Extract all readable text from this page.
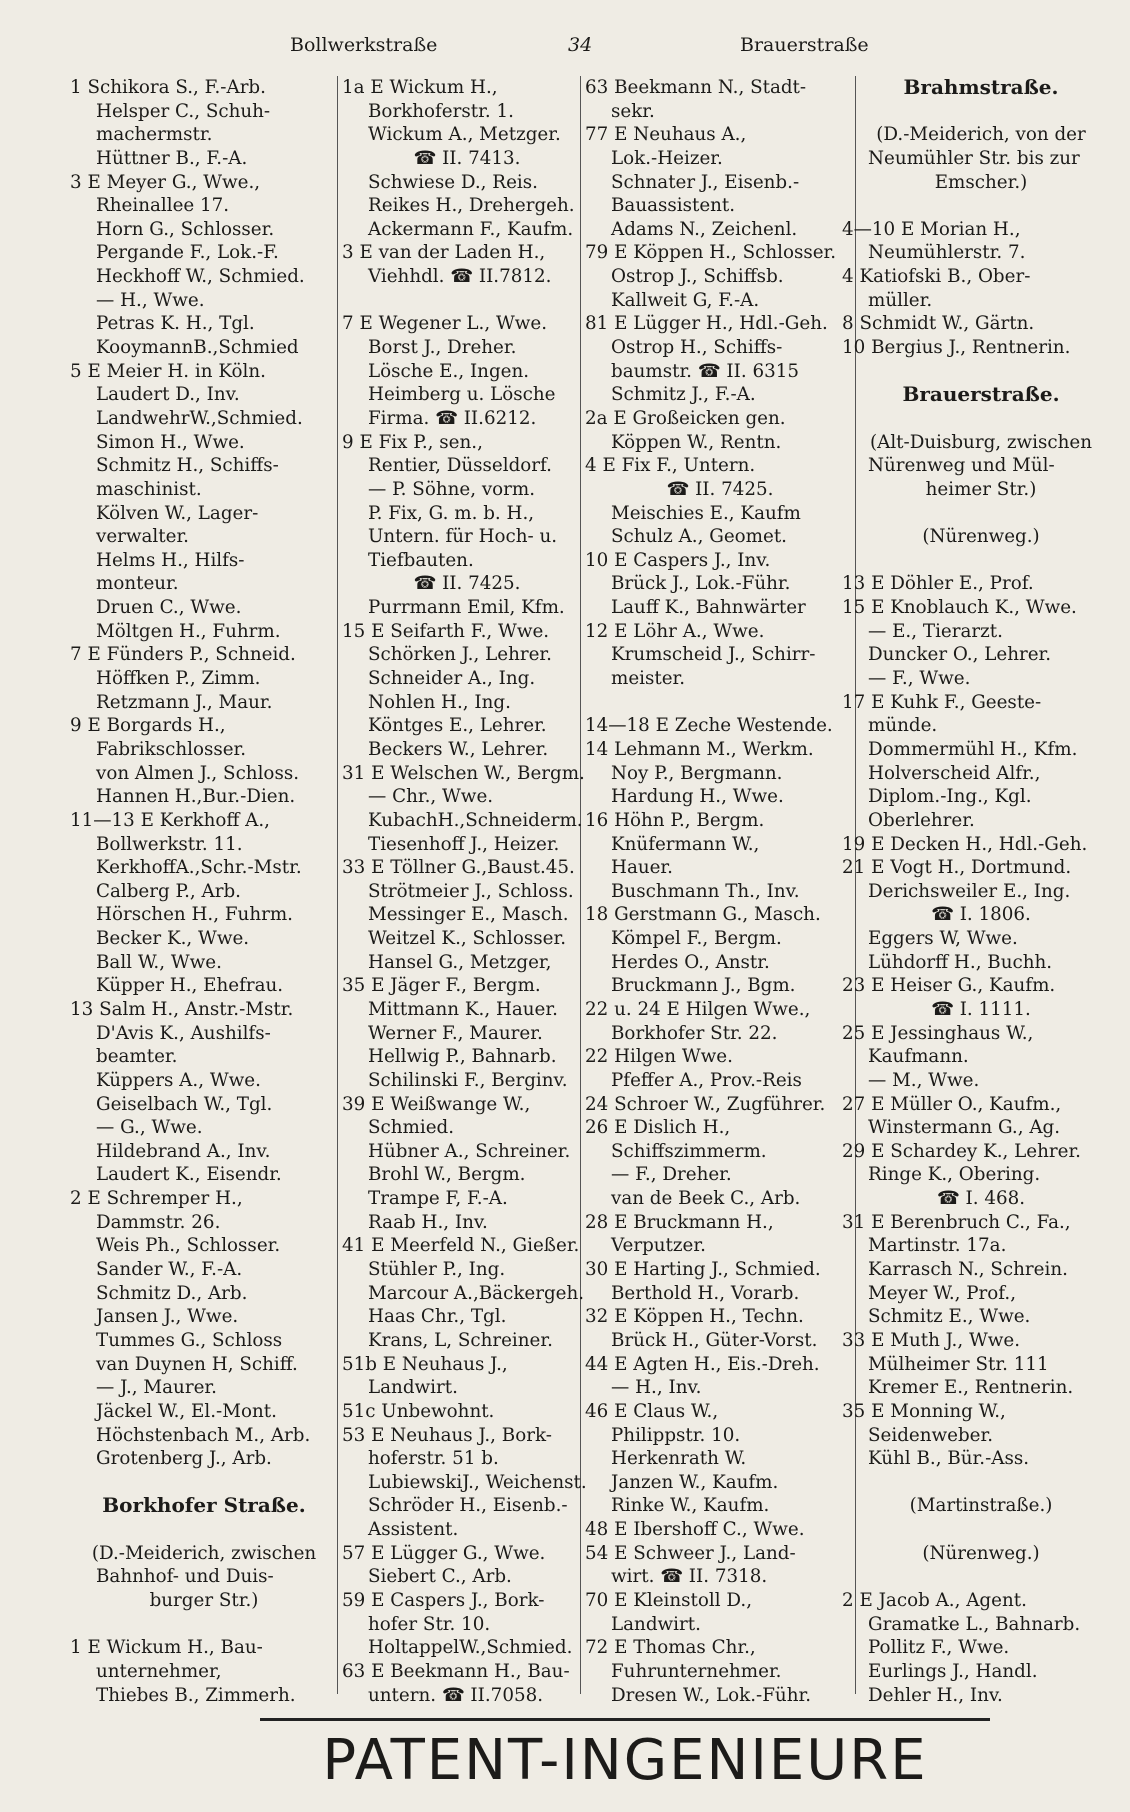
Bollwerkstraße	34	Brauerstraße
1 Schikora S., F.-Arb.
Helsper C., Schuh-
machermstr.
Hüttner B., F.-A.
3 E Meyer G., Wwe.,
Rheinallee 17.
Horn G., Schlosser.
Pergande F., Lok.-F.
Heckhoff W., Schmied.
— H., Wwe.
Petras K. H., Tgl.
KooymannB.,Schmied
5 E Meier H. in Köln.
Laudert D., Inv.
LandwehrW.,Schmied.
Simon H., Wwe.
Schmitz H., Schiffs-
maschinist.
Kölven W., Lager-
verwalter.
Helms H., Hilfs-
monteur.
Druen C., Wwe.
Möltgen H., Fuhrm.
7 E Fünders P., Schneid.
Höffken P., Zimm.
Retzmann J., Maur.
9 E Borgards H.,
Fabrikschlosser.
von Almen J., Schloss.
Hannen H.,Bur.-Dien.
11—13 E Kerkhoff A.,
Bollwerkstr. 11.
KerkhoffA.,Schr.-Mstr.
Calberg P., Arb.
Hörschen H., Fuhrm.
Becker K., Wwe.
Ball W., Wwe.
Küpper H., Ehefrau.
13 Salm H., Anstr.-Mstr.
D'Avis K., Aushilfs-
beamter.
Küppers A., Wwe.
Geiselbach W., Tgl.
— G., Wwe.
Hildebrand A., Inv.
Laudert K., Eisendr.
2 E Schremper H.,
Dammstr. 26.
Weis Ph., Schlosser.
Sander W., F.-A.
Schmitz D., Arb.
Jansen J., Wwe.
Tummes G., Schloss
van Duynen H, Schiff.
— J., Maurer.
Jäckel W., El.-Mont.
Höchstenbach M., Arb.
Grotenberg J., Arb.
Borkhofer Straße.
(D.-Meiderich, zwischen
Bahnhof- und Duis-
burger Str.)
1 E Wickum H., Bau-
unternehmer,
Thiebes B., Zimmerh.
1a E Wickum H.,
Borkhoferstr. 1.
Wickum A., Metzger.
☎ II. 7413.
Schwiese D., Reis.
Reikes H., Drehergeh.
Ackermann F., Kaufm.
3 E van der Laden H.,
Viehhdl. ☎ II.7812.
7 E Wegener L., Wwe.
Borst J., Dreher.
Lösche E., Ingen.
Heimberg u. Lösche
Firma. ☎ II.6212.
9 E Fix P., sen.,
Rentier, Düsseldorf.
— P. Söhne, vorm.
P. Fix, G. m. b. H.,
Untern. für Hoch- u.
Tiefbauten.
☎ II. 7425.
Purrmann Emil, Kfm.
15 E Seifarth F., Wwe.
Schörken J., Lehrer.
Schneider A., Ing.
Nohlen H., Ing.
Köntges E., Lehrer.
Beckers W., Lehrer.
31 E Welschen W., Bergm.
— Chr., Wwe.
KubachH.,Schneiderm.
Tiesenhoff J., Heizer.
33 E Töllner G.,Baust.45.
Strötmeier J., Schloss.
Messinger E., Masch.
Weitzel K., Schlosser.
Hansel G., Metzger,
35 E Jäger F., Bergm.
Mittmann K., Hauer.
Werner F., Maurer.
Hellwig P., Bahnarb.
Schilinski F., Berginv.
39 E Weißwange W.,
Schmied.
Hübner A., Schreiner.
Brohl W., Bergm.
Trampe F, F.-A.
Raab H., Inv.
41 E Meerfeld N., Gießer.
Stühler P., Ing.
Marcour A.,Bäckergeh.
Haas Chr., Tgl.
Krans, L, Schreiner.
51b E Neuhaus J.,
Landwirt.
51c Unbewohnt.
53 E Neuhaus J., Bork-
hoferstr. 51 b.
LubiewskiJ., Weichenst.
Schröder H., Eisenb.-
Assistent.
57 E Lügger G., Wwe.
Siebert C., Arb.
59 E Caspers J., Bork-
hofer Str. 10.
HoltappelW.,Schmied.
63 E Beekmann H., Bau-
untern. ☎ II.7058.
63 Beekmann N., Stadt-
sekr.
77 E Neuhaus A.,
Lok.-Heizer.
Schnater J., Eisenb.-
Bauassistent.
Adams N., Zeichenl.
79 E Köppen H., Schlosser.
Ostrop J., Schiffsb.
Kallweit G, F.-A.
81 E Lügger H., Hdl.-Geh.
Ostrop H., Schiffs-
baumstr. ☎ II. 6315
Schmitz J., F.-A.
2a E Großeicken gen.
Köppen W., Rentn.
4 E Fix F., Untern.
☎ II. 7425.
Meischies E., Kaufm
Schulz A., Geomet.
10 E Caspers J., Inv.
Brück J., Lok.-Führ.
Lauff K., Bahnwärter
12 E Löhr A., Wwe.
Krumscheid J., Schirr-
meister.
14—18 E Zeche Westende.
14 Lehmann M., Werkm.
Noy P., Bergmann.
Hardung H., Wwe.
16 Höhn P., Bergm.
Knüfermann W.,
Hauer.
Buschmann Th., Inv.
18 Gerstmann G., Masch.
Kömpel F., Bergm.
Herdes O., Anstr.
Bruckmann J., Bgm.
22 u. 24 E Hilgen Wwe.,
Borkhofer Str. 22.
22 Hilgen Wwe.
Pfeffer A., Prov.-Reis
24 Schroer W., Zugführer.
26 E Dislich H.,
Schiffszimmerm.
— F., Dreher.
van de Beek C., Arb.
28 E Bruckmann H.,
Verputzer.
30 E Harting J., Schmied.
Berthold H., Vorarb.
32 E Köppen H., Techn.
Brück H., Güter-Vorst.
44 E Agten H., Eis.-Dreh.
— H., Inv.
46 E Claus W.,
Philippstr. 10.
Herkenrath W.
Janzen W., Kaufm.
Rinke W., Kaufm.
48 E Ibershoff C., Wwe.
54 E Schweer J., Land-
wirt. ☎ II. 7318.
70 E Kleinstoll D.,
Landwirt.
72 E Thomas Chr.,
Fuhrunternehmer.
Dresen W., Lok.-Führ.
Brahmstraße.
(D.-Meiderich, von der
Neumühler Str. bis zur
Emscher.)
4—10 E Morian H.,
Neumühlerstr. 7.
4 Katiofski B., Ober-
müller.
8 Schmidt W., Gärtn.
10 Bergius J., Rentnerin.
Brauerstraße.
(Alt-Duisburg, zwischen
Nürenweg und Mül-
heimer Str.)
(Nürenweg.)
13 E Döhler E., Prof.
15 E Knoblauch K., Wwe.
— E., Tierarzt.
Duncker O., Lehrer.
— F., Wwe.
17 E Kuhk F., Geeste-
münde.
Dommermühl H., Kfm.
Holverscheid Alfr.,
Diplom.-Ing., Kgl.
Oberlehrer.
19 E Decken H., Hdl.-Geh.
21 E Vogt H., Dortmund.
Derichsweiler E., Ing.
☎ I. 1806.
Eggers W, Wwe.
Lühdorff H., Buchh.
23 E Heiser G., Kaufm.
☎ I. 1111.
25 E Jessinghaus W.,
Kaufmann.
— M., Wwe.
27 E Müller O., Kaufm.,
Winstermann G., Ag.
29 E Schardey K., Lehrer.
Ringe K., Obering.
☎ I. 468.
31 E Berenbruch C., Fa.,
Martinstr. 17a.
Karrasch N., Schrein.
Meyer W., Prof.,
Schmitz E., Wwe.
33 E Muth J., Wwe.
Mülheimer Str. 111
Kremer E., Rentnerin.
35 E Monning W.,
Seidenweber.
Kühl B., Bür.-Ass.
(Martinstraße.)
(Nürenweg.)
2 E Jacob A., Agent.
Gramatke L., Bahnarb.
Pollitz F., Wwe.
Eurlings J., Handl.
Dehler H., Inv.
PATENT-INGENIEURE
